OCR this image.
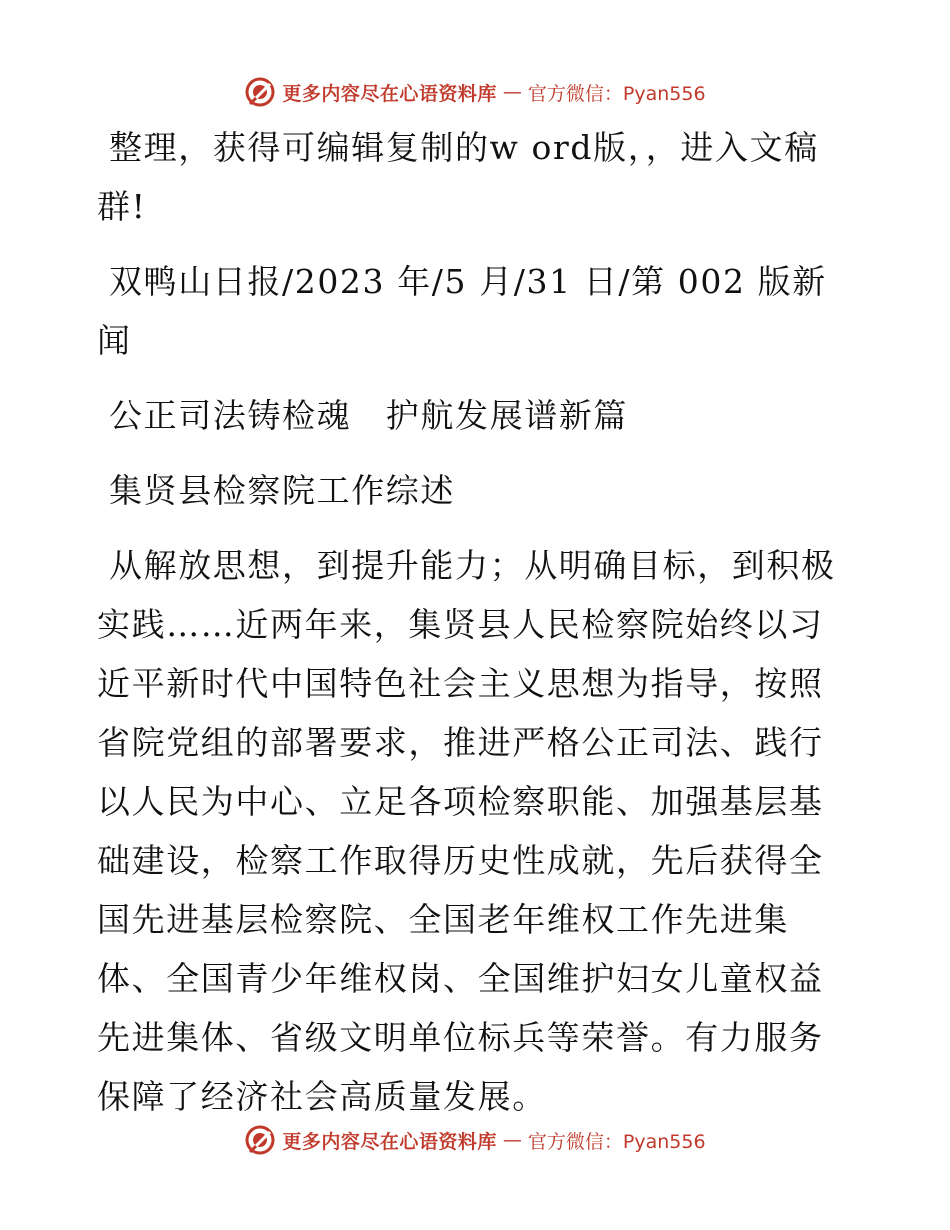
更多内容尽在心语资料库 — 官方微信：Pyan556

整理，获得可编辑复制的w ord版，，进入文稿群!

双鸭山日报/2023 年/5 月/31 日/第 002 版新闻

公正司法铸检魂　护航发展谱新篇

集贤县检察院工作综述

从解放思想，到提升能力；从明确目标，到积极实践……近两年来，集贤县人民检察院始终以习近平新时代中国特色社会主义思想为指导，按照省院党组的部署要求，推进严格公正司法、践行以人民为中心、立足各项检察职能、加强基层基础建设，检察工作取得历史性成就，先后获得全国先进基层检察院、全国老年维权工作先进集体、全国青少年维权岗、全国维护妇女儿童权益先进集体、省级文明单位标兵等荣誉。有力服务保障了经济社会高质量发展。

更多内容尽在心语资料库 — 官方微信：Pyan556
